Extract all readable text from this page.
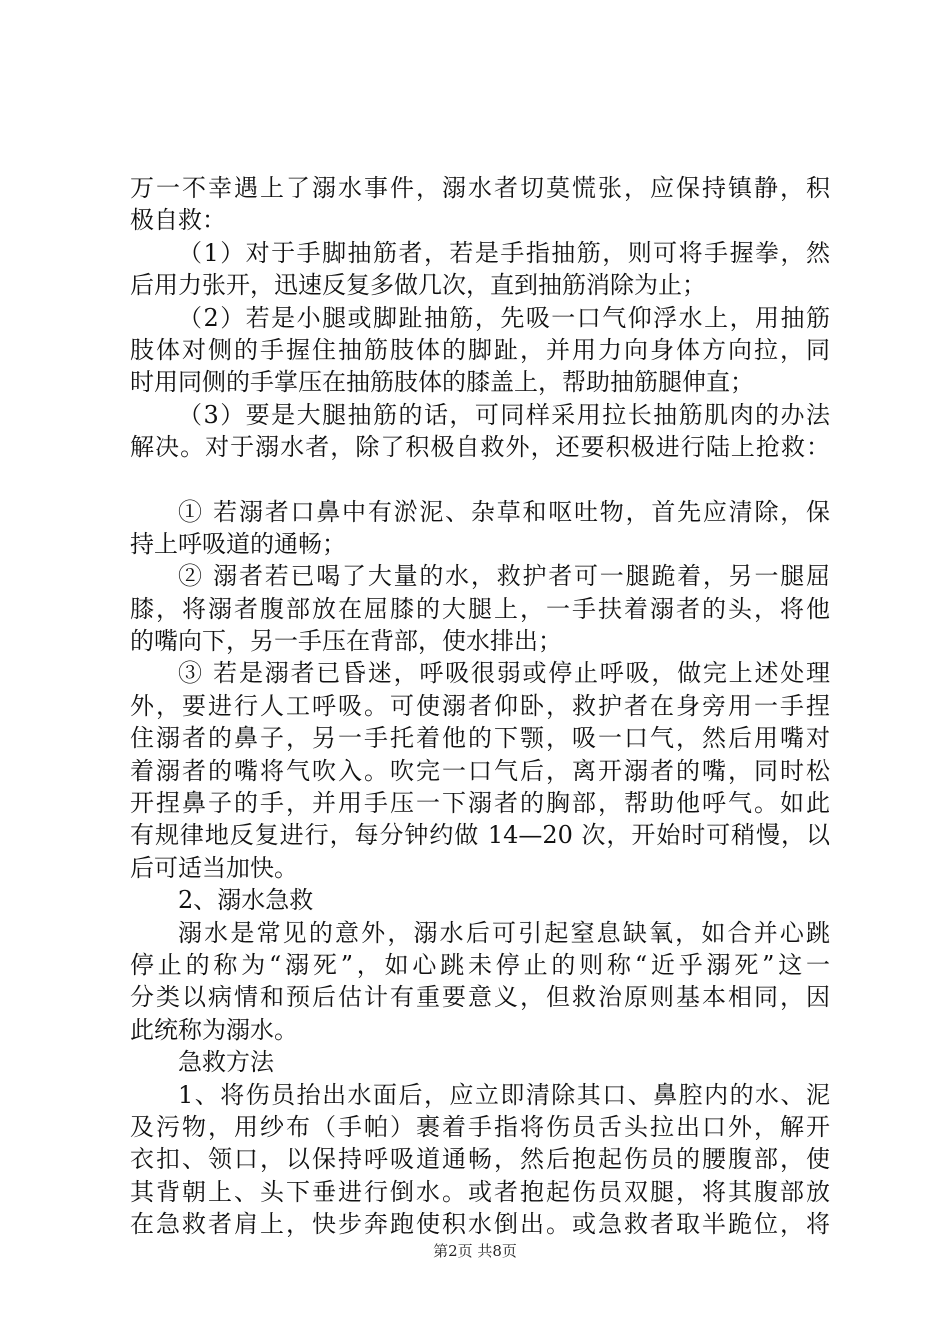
万一不幸遇上了溺水事件，溺水者切莫慌张，应保持镇静，积
极自救：
（1）对于手脚抽筋者，若是手指抽筋，则可将手握拳，然
后用力张开，迅速反复多做几次，直到抽筋消除为止；
（2）若是小腿或脚趾抽筋，先吸一口气仰浮水上，用抽筋
肢体对侧的手握住抽筋肢体的脚趾，并用力向身体方向拉，同
时用同侧的手掌压在抽筋肢体的膝盖上，帮助抽筋腿伸直；
（3）要是大腿抽筋的话，可同样采用拉长抽筋肌肉的办法
解决。对于溺水者，除了积极自救外，还要积极进行陆上抢救：
① 若溺者口鼻中有淤泥、杂草和呕吐物，首先应清除，保
持上呼吸道的通畅；
② 溺者若已喝了大量的水，救护者可一腿跪着，另一腿屈
膝，将溺者腹部放在屈膝的大腿上，一手扶着溺者的头，将他
的嘴向下，另一手压在背部，使水排出；
③ 若是溺者已昏迷，呼吸很弱或停止呼吸，做完上述处理
外，要进行人工呼吸。可使溺者仰卧，救护者在身旁用一手捏
住溺者的鼻子，另一手托着他的下颚，吸一口气，然后用嘴对
着溺者的嘴将气吹入。吹完一口气后，离开溺者的嘴，同时松
开捏鼻子的手，并用手压一下溺者的胸部，帮助他呼气。如此
有规律地反复进行，每分钟约做 14—20 次，开始时可稍慢，以
后可适当加快。
2、溺水急救
溺水是常见的意外，溺水后可引起窒息缺氧，如合并心跳
停止的称为“溺死”，如心跳未停止的则称“近乎溺死”这一
分类以病情和预后估计有重要意义，但救治原则基本相同，因
此统称为溺水。
急救方法
1、将伤员抬出水面后，应立即清除其口、鼻腔内的水、泥
及污物，用纱布（手帕）裹着手指将伤员舌头拉出口外，解开
衣扣、领口，以保持呼吸道通畅，然后抱起伤员的腰腹部，使
其背朝上、头下垂进行倒水。或者抱起伤员双腿，将其腹部放
在急救者肩上，快步奔跑使积水倒出。或急救者取半跪位，将
第2页 共8页
